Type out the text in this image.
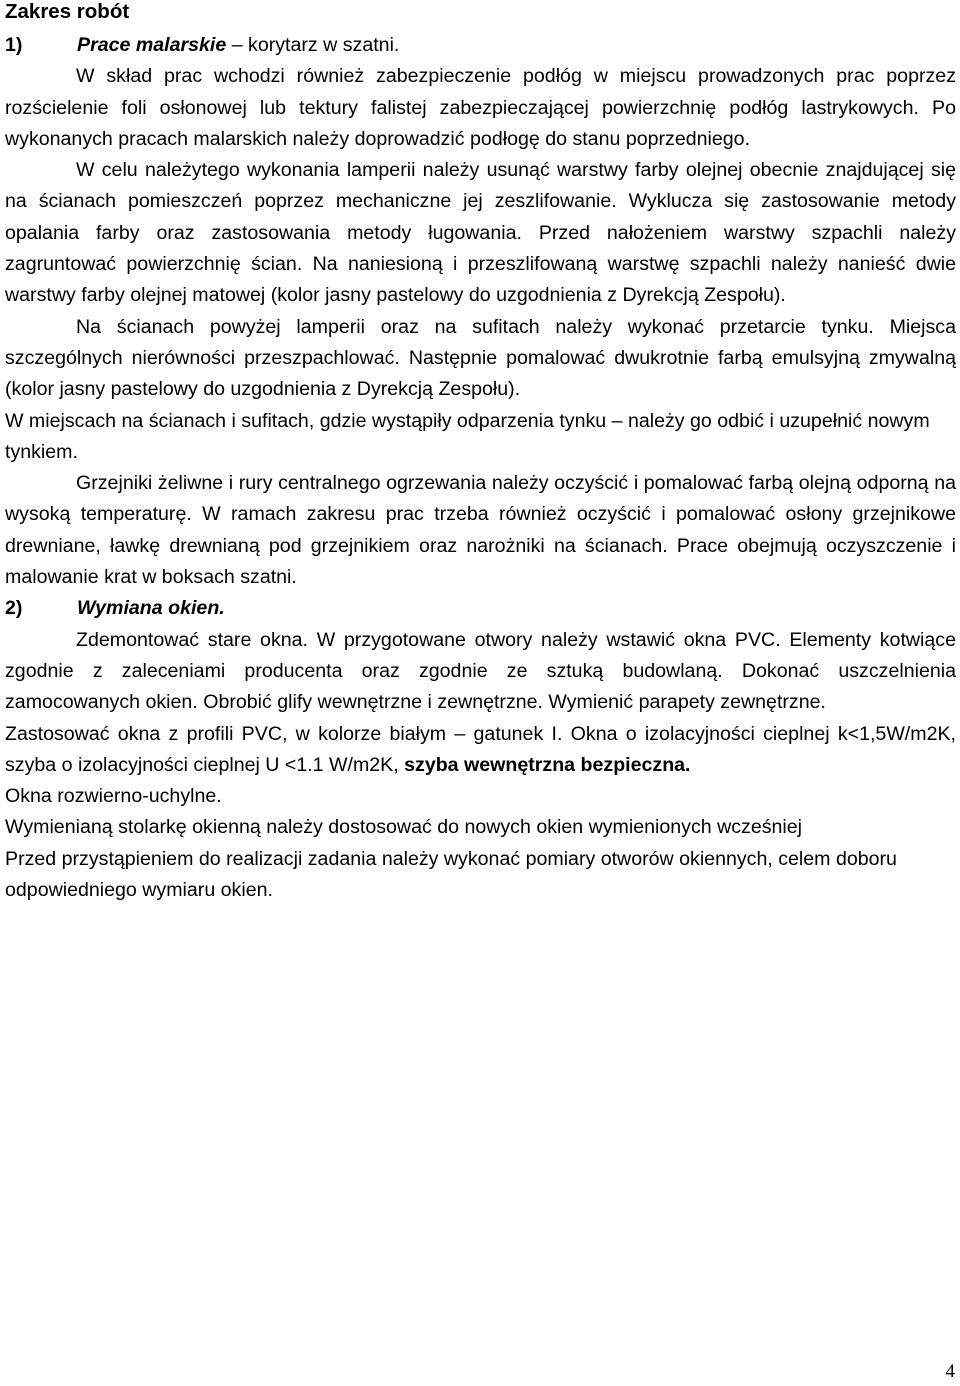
Zakres robót
1)	Prace malarskie – korytarz w szatni.

W skład prac wchodzi również zabezpieczenie podłóg w miejscu prowadzonych prac poprzez rozścielenie foli osłonowej lub tektury falistej zabezpieczającej powierzchnię podłóg lastrykowych. Po wykonanych pracach malarskich należy doprowadzić podłogę do stanu poprzedniego.

W celu należytego wykonania lamperii należy usunąć warstwy farby olejnej obecnie znajdującej się na ścianach pomieszczeń poprzez mechaniczne jej zeszlifowanie. Wyklucza się zastosowanie metody opalania farby oraz zastosowania metody ługowania. Przed nałożeniem warstwy szpachli należy zagruntować powierzchnię ścian. Na naniesioną i przeszlifowaną warstwę szpachli należy nanieść dwie warstwy farby olejnej matowej (kolor jasny pastelowy do uzgodnienia z Dyrekcją Zespołu).

Na ścianach powyżej lamperii oraz na sufitach należy wykonać przetarcie tynku. Miejsca szczególnych nierówności przeszpachlować. Następnie pomalować dwukrotnie farbą emulsyjną zmywalną (kolor jasny pastelowy do uzgodnienia z Dyrekcją Zespołu).

W miejscach na ścianach i sufitach, gdzie wystąpiły odparzenia tynku – należy go odbić i uzupełnić nowym tynkiem.

Grzejniki żeliwne i rury centralnego ogrzewania należy oczyścić i pomalować farbą olejną odporną na wysoką temperaturę. W ramach zakresu prac trzeba również oczyścić i pomalować osłony grzejnikowe drewniane, ławkę drewnianą pod grzejnikiem oraz narożniki na ścianach. Prace obejmują oczyszczenie i malowanie krat w boksach szatni.

2)	Wymiana okien.

Zdemontować stare okna. W przygotowane otwory należy wstawić okna PVC. Elementy kotwiące zgodnie z zaleceniami producenta oraz zgodnie ze sztuką budowlaną. Dokonać uszczelnienia zamocowanych okien. Obrobić glify wewnętrzne i zewnętrzne. Wymienić parapety zewnętrzne.

Zastosować okna z profili PVC, w kolorze białym – gatunek I. Okna o izolacyjności cieplnej k<1,5W/m2K, szyba o izolacyjności cieplnej U <1.1 W/m2K, szyba wewnętrzna bezpieczna.

Okna rozwierno-uchylne.

Wymienianą stolarkę okienną należy dostosować do nowych okien wymienionych wcześniej

Przed przystąpieniem do realizacji zadania należy wykonać pomiary otworów okiennych, celem doboru odpowiedniego wymiaru okien.

4
